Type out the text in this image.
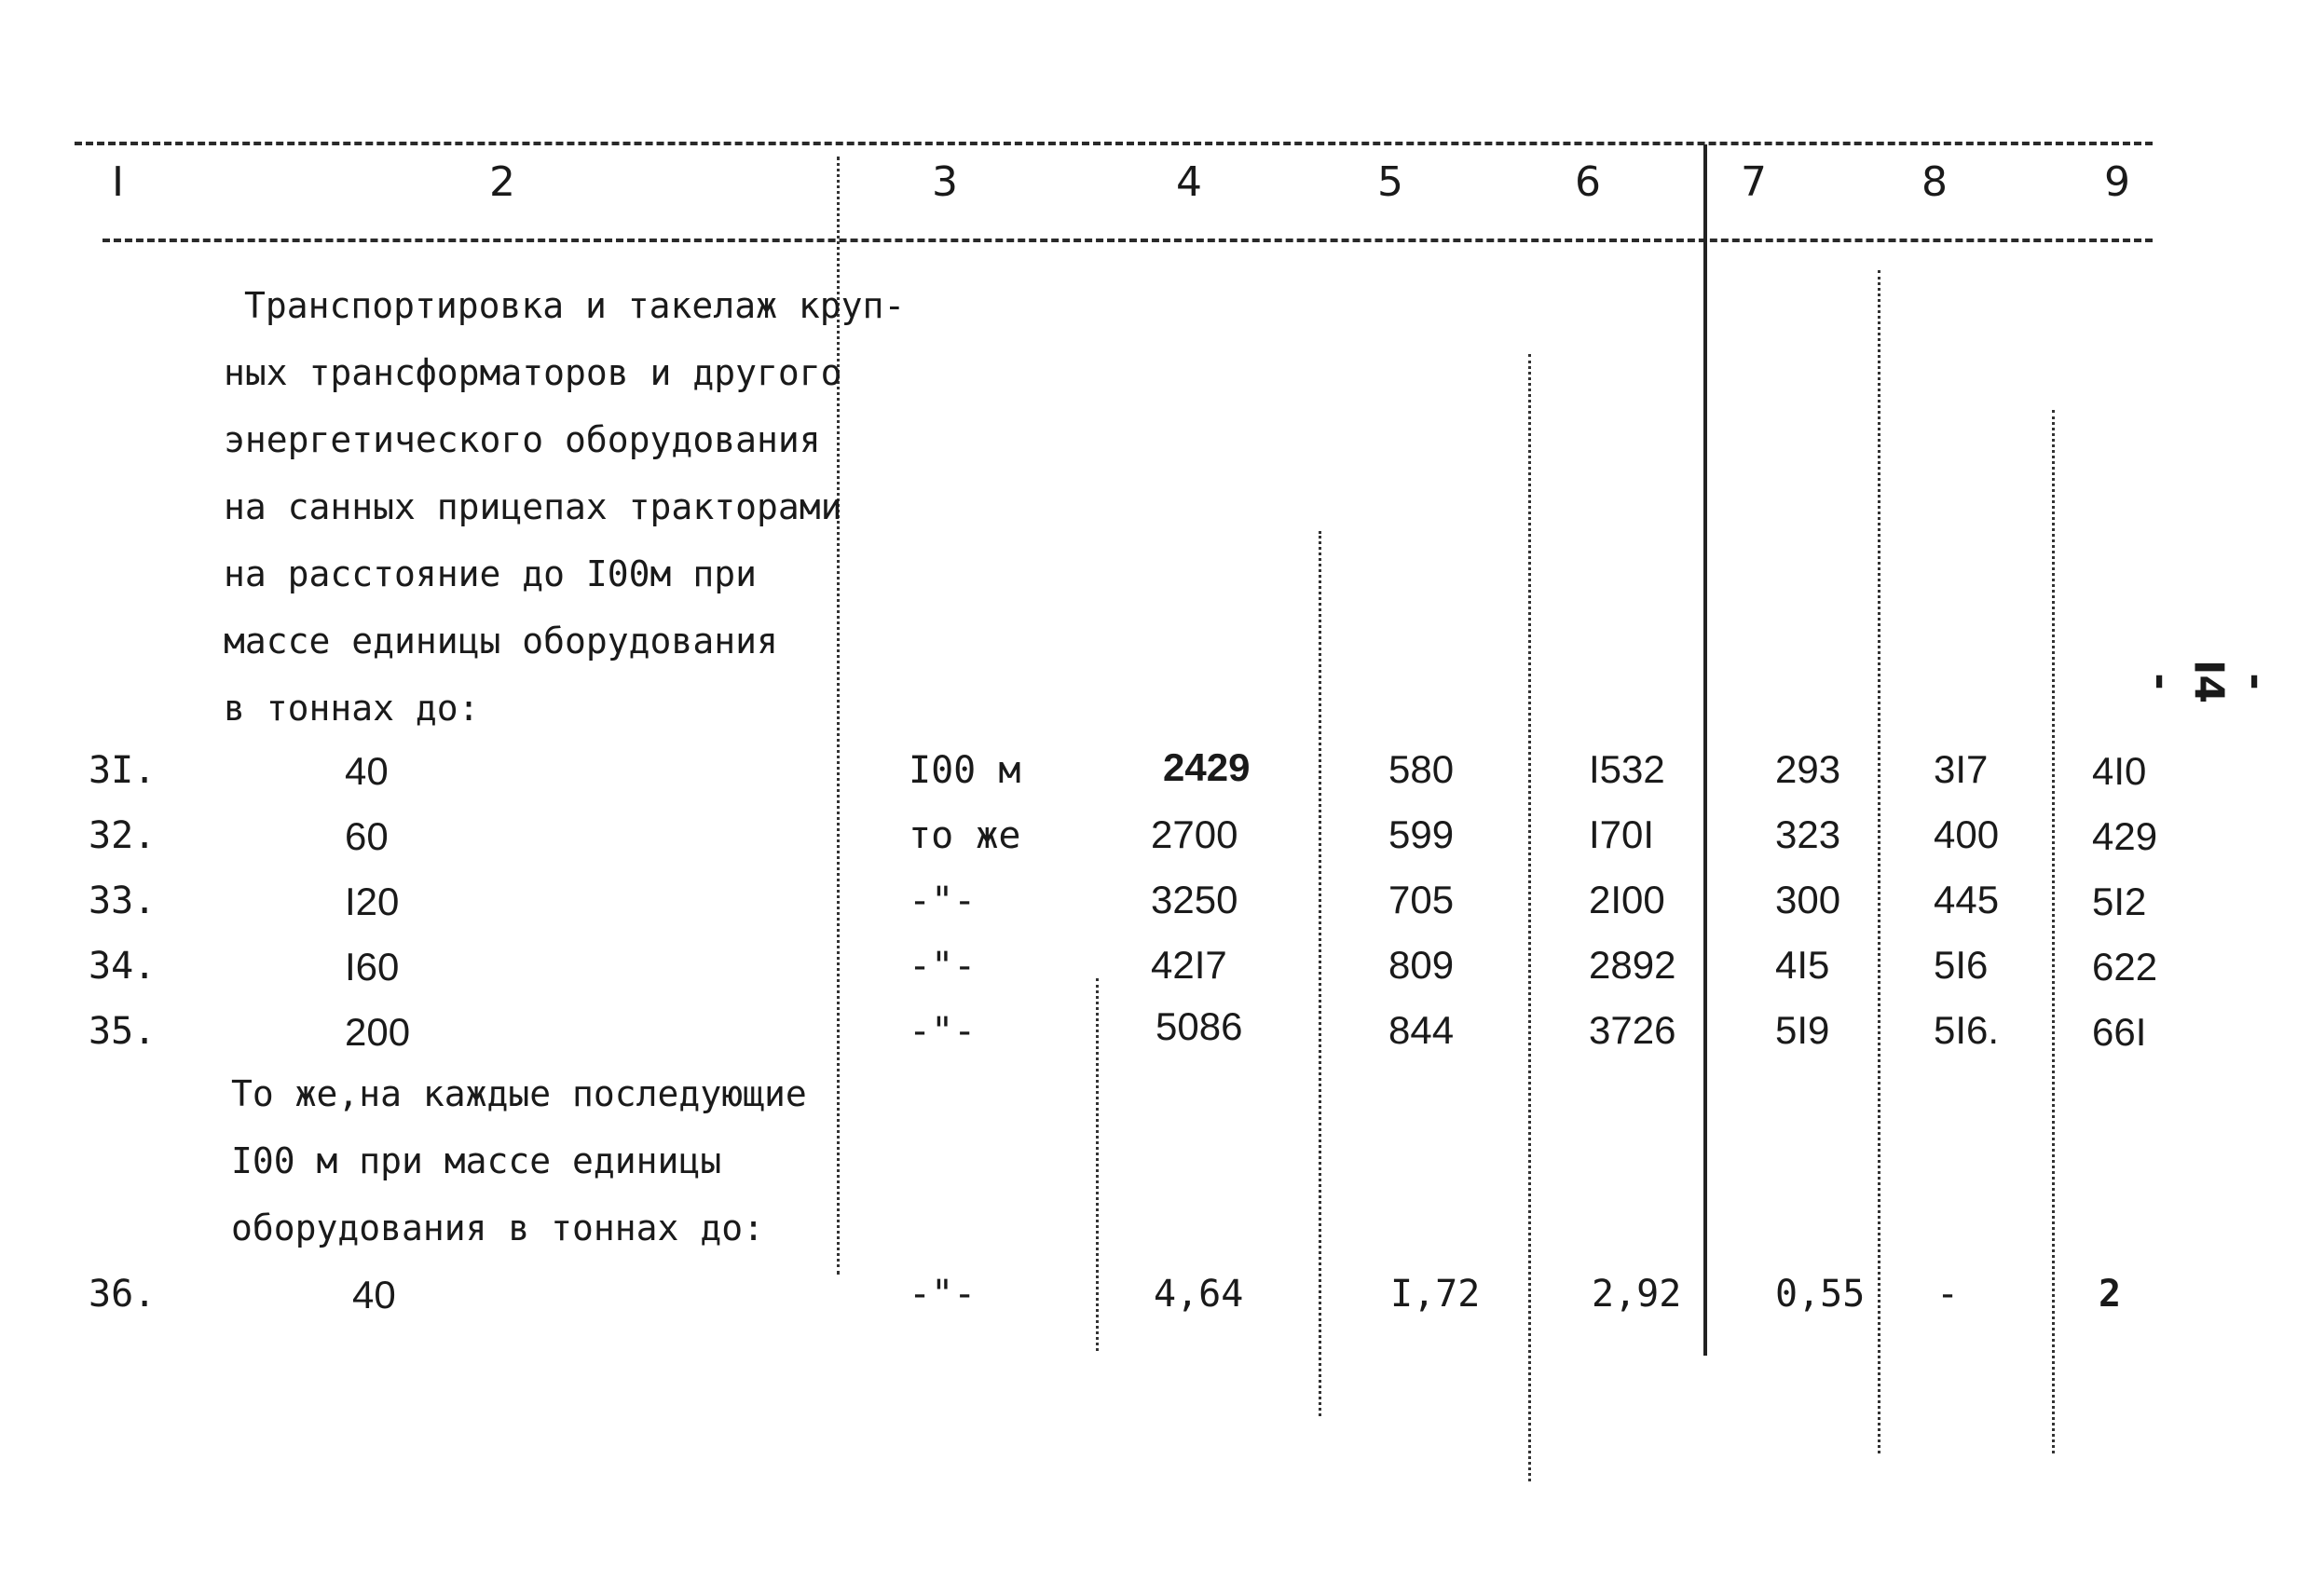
I	2	3	4	5	6	7	8	9
Транспортировка и такелаж круп-
ных трансформаторов и другого
энергетического оборудования
на санных прицепах тракторами
на расстояние до I00м при
массе единицы оборудования
в тоннах до:
3I.	40	I00 м	2429	580	I532	293 3I7	4I0
32.	60	то же	2700	599	I70I	323 400 429
33.	I20	-"-	3250	705	2I00	300 445 5I2
34.	I60	-"-	42I7	809	2892	4I5	5I6	622
35.	200	-"-	5086	844	3726	5I9	5I6. 66I
То же,на каждые последующие
I00 м при массе единицы
оборудования в тоннах до:
36.	40	-"-	4,64	I,72	2,92	0,55 -	2
- I4 -
